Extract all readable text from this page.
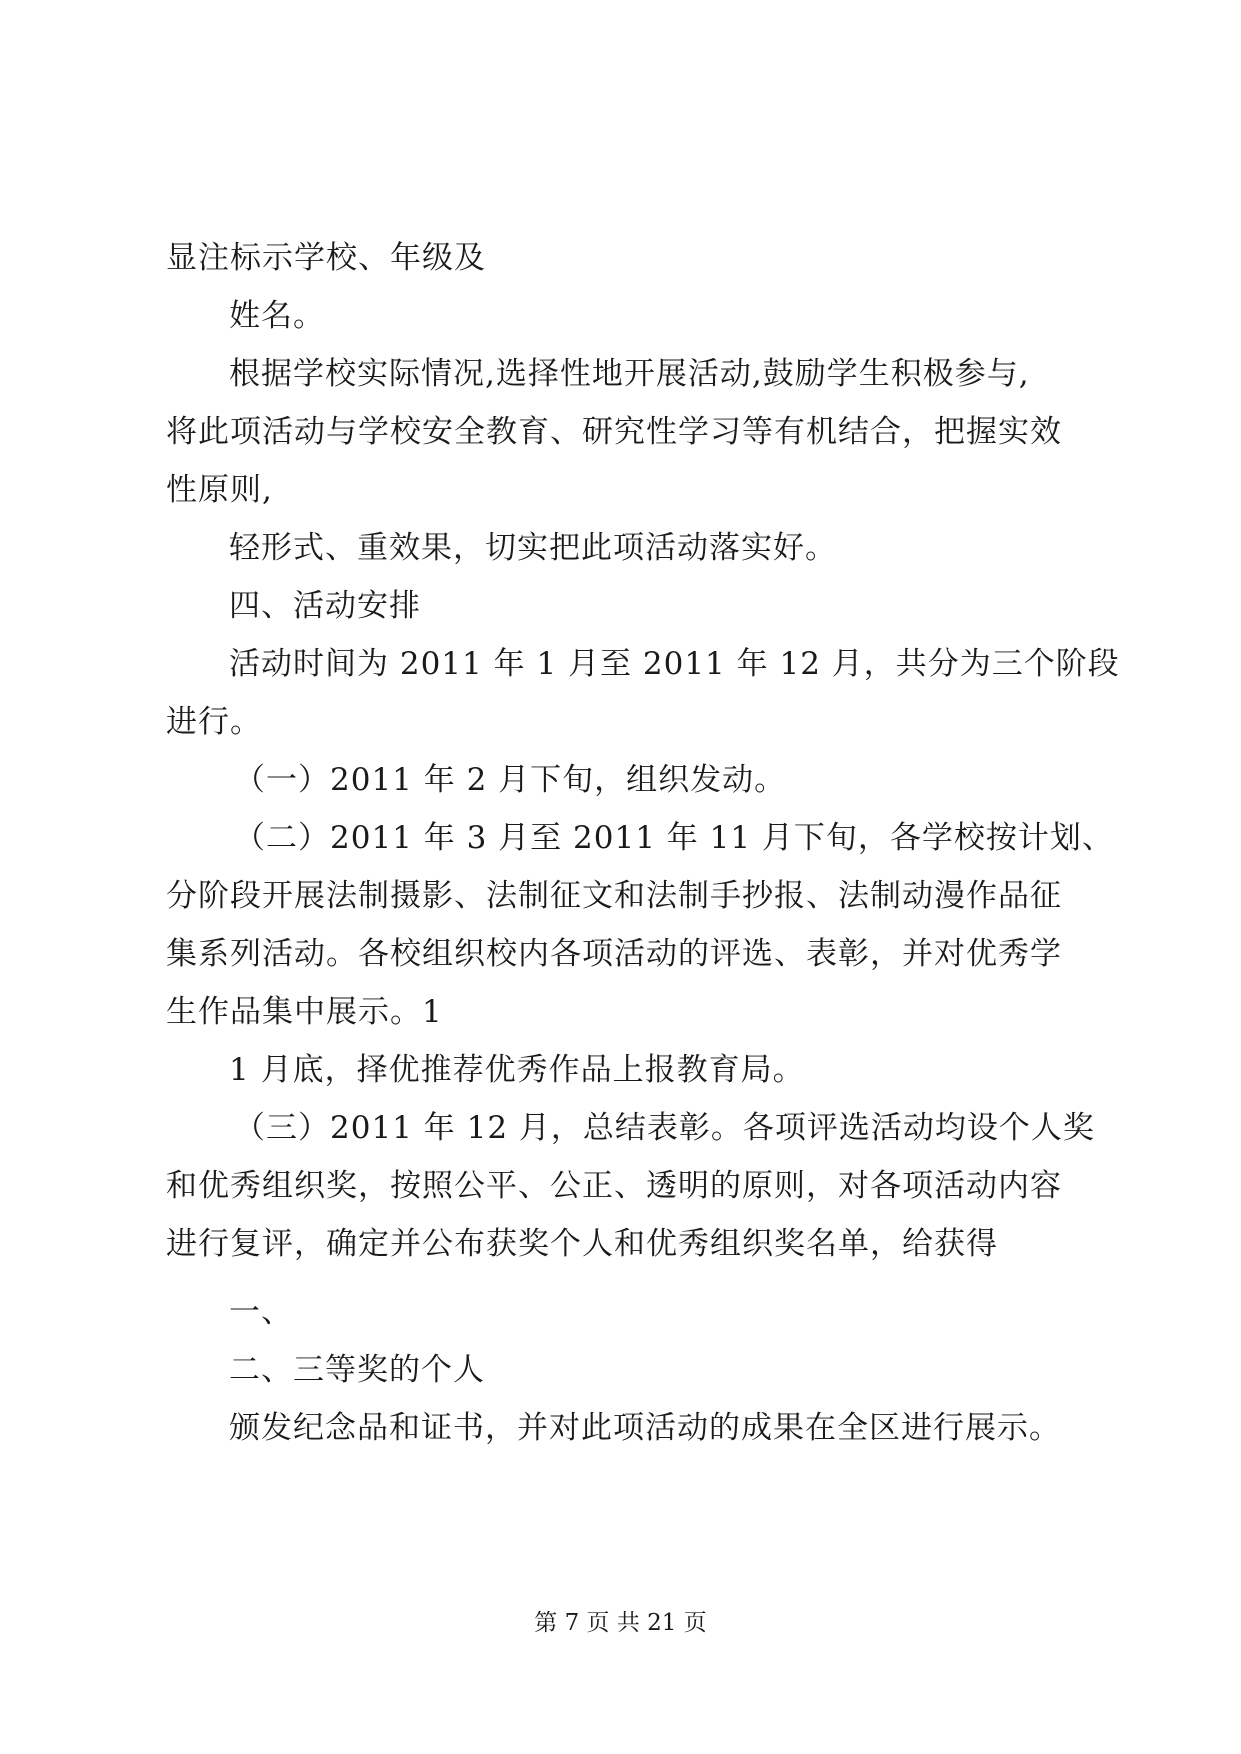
显注标示学校、年级及
姓名。
根据学校实际情况,选择性地开展活动,鼓励学生积极参与,
将此项活动与学校安全教育、研究性学习等有机结合，把握实效
性原则,
轻形式、重效果，切实把此项活动落实好。
四、活动安排
活动时间为 2011 年 1 月至 2011 年 12 月，共分为三个阶段
进行。
（一）2011 年 2 月下旬，组织发动。
（二）2011 年 3 月至 2011 年 11 月下旬，各学校按计划、
分阶段开展法制摄影、法制征文和法制手抄报、法制动漫作品征
集系列活动。各校组织校内各项活动的评选、表彰，并对优秀学
生作品集中展示。1
1 月底，择优推荐优秀作品上报教育局。
（三）2011 年 12 月，总结表彰。各项评选活动均设个人奖
和优秀组织奖，按照公平、公正、透明的原则，对各项活动内容
进行复评，确定并公布获奖个人和优秀组织奖名单，给获得
一、
二、三等奖的个人
颁发纪念品和证书，并对此项活动的成果在全区进行展示。
第 7 页 共 21 页
